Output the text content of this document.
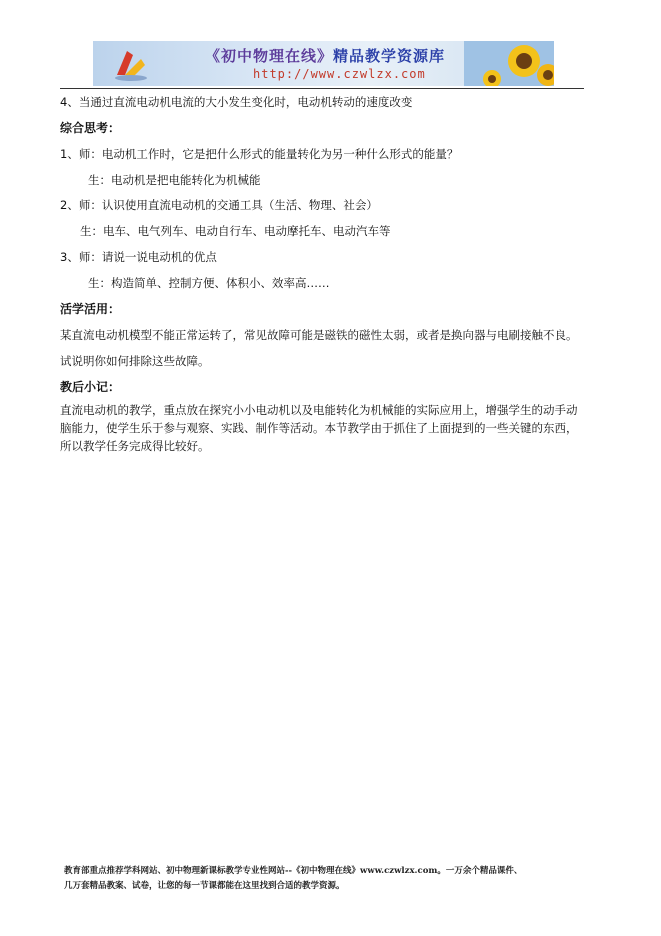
《初中物理在线》精品教学资源库
http://www.czwlzx.com
4、当通过直流电动机电流的大小发生变化时，电动机转动的速度改变
综合思考：
1、师：电动机工作时，它是把什么形式的能量转化为另一种什么形式的能量？
生：电动机是把电能转化为机械能
2、师：认识使用直流电动机的交通工具（生活、物理、社会）
生：电车、电气列车、电动自行车、电动摩托车、电动汽车等
3、师：请说一说电动机的优点
生：构造简单、控制方便、体积小、效率高……
活学活用：
某直流电动机模型不能正常运转了，常见故障可能是磁铁的磁性太弱，或者是换向器与电刷接触不良。
试说明你如何排除这些故障。
教后小记：
直流电动机的教学，重点放在探究小小电动机以及电能转化为机械能的实际应用上，增强学生的动手动脑能力，使学生乐于参与观察、实践、制作等活动。本节教学由于抓住了上面提到的一些关键的东西，所以教学任务完成得比较好。
教育部重点推荐学科网站、初中物理新课标教学专业性网站--《初中物理在线》www.czwlzx.com。一万余个精品课件、
几万套精品教案、试卷，让您的每一节课都能在这里找到合适的教学资源。
